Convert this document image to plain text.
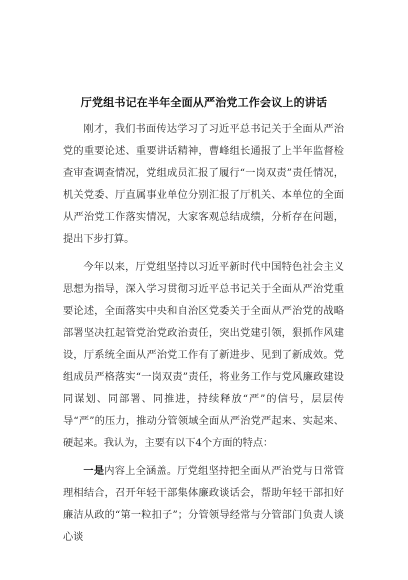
厅党组书记在半年全面从严治党工作会议上的讲话

刚才，我们书面传达学习了习近平总书记关于全面从严治党的重要论述、重要讲话精神，曹峰组长通报了上半年监督检查审查调查情况，党组成员汇报了履行“一岗双责”责任情况，机关党委、厅直属事业单位分别汇报了厅机关、本单位的全面从严治党工作落实情况，大家客观总结成绩，分析存在问题，提出下步打算。

今年以来，厅党组坚持以习近平新时代中国特色社会主义思想为指导，深入学习贯彻习近平总书记关于全面从严治党重要论述，全面落实中央和自治区党委关于全面从严治党的战略部署坚决扛起管党治党政治责任，突出党建引领，狠抓作风建设，厅系统全面从严治党工作有了新进步、见到了新成效。党组成员严格落实“一岗双责”责任，将业务工作与党风廉政建设同谋划、同部署、同推进，持续释放“严”的信号，层层传导“严”的压力，推动分管领域全面从严治党严起来、实起来、硬起来。我认为，主要有以下4个方面的特点：

一是内容上全涵盖。厅党组坚持把全面从严治党与日常管理相结合，召开年轻干部集体廉政谈话会，帮助年轻干部扣好廉洁从政的“第一粒扣子”；分管领导经常与分管部门负责人谈心谈
